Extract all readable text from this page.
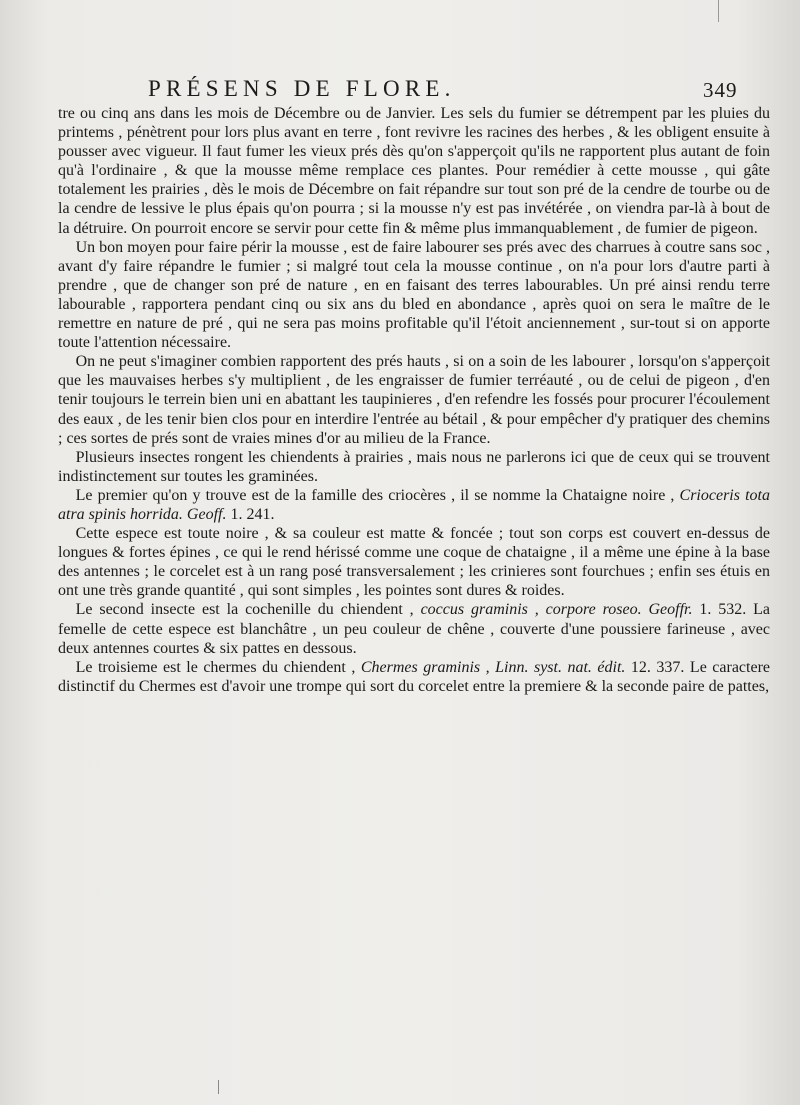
PRÉSENS DE FLORE.	349

tre ou cinq ans dans les mois de Décembre ou de Janvier. Les sels du fumier se détrempent par les pluies du printems , pénètrent pour lors plus avant en terre , font revivre les racines des herbes , & les obligent ensuite à pousser avec vigueur. Il faut fumer les vieux prés dès qu'on s'apperçoit qu'ils ne rapportent plus autant de foin qu'à l'ordinaire , & que la mousse même remplace ces plantes. Pour remédier à cette mousse , qui gâte totalement les prairies , dès le mois de Décembre on fait répandre sur tout son pré de la cendre de tourbe ou de la cendre de lessive le plus épais qu'on pourra ; si la mousse n'y est pas invétérée , on viendra par-là à bout de la détruire. On pourroit encore se servir pour cette fin & même plus immanquablement , de fumier de pigeon.

Un bon moyen pour faire périr la mousse , est de faire labourer ses prés avec des charrues à coutre sans soc , avant d'y faire répandre le fumier ; si malgré tout cela la mousse continue , on n'a pour lors d'autre parti à prendre , que de changer son pré de nature , en en faisant des terres labourables. Un pré ainsi rendu terre labourable , rapportera pendant cinq ou six ans du bled en abondance , après quoi on sera le maître de le remettre en nature de pré , qui ne sera pas moins profitable qu'il l'étoit anciennement , sur-tout si on apporte toute l'attention nécessaire.

On ne peut s'imaginer combien rapportent des prés hauts , si on a soin de les labourer , lorsqu'on s'apperçoit que les mauvaises herbes s'y multiplient , de les engraisser de fumier terréauté , ou de celui de pigeon , d'en tenir toujours le terrein bien uni en abattant les taupinieres , d'en refendre les fossés pour procurer l'écoulement des eaux , de les tenir bien clos pour en interdire l'entrée au bétail , & pour empêcher d'y pratiquer des chemins ; ces sortes de prés sont de vraies mines d'or au milieu de la France.

Plusieurs insectes rongent les chiendents à prairies , mais nous ne parlerons ici que de ceux qui se trouvent indistinctement sur toutes les graminées.

Le premier qu'on y trouve est de la famille des criocères , il se nomme la Chataigne noire , Crioceris tota atra spinis horrida. Geoff. 1. 241.

Cette espece est toute noire , & sa couleur est matte & foncée ; tout son corps est couvert en-dessus de longues & fortes épines , ce qui le rend hérissé comme une coque de chataigne , il a même une épine à la base des antennes ; le corcelet est à un rang posé transversalement ; les crinieres sont fourchues ; enfin ses étuis en ont une très grande quantité , qui sont simples , les pointes sont dures & roides.

Le second insecte est la cochenille du chiendent , coccus graminis , corpore roseo. Geoffr. 1. 532. La femelle de cette espece est blanchâtre , un peu couleur de chêne , couverte d'une poussiere farineuse , avec deux antennes courtes & six pattes en dessous.

Le troisieme est le chermes du chiendent , Chermes graminis , Linn. syst. nat. édit. 12. 337. Le caractere distinctif du Chermes est d'avoir une trompe qui sort du corcelet entre la premiere & la seconde paire de pattes,
